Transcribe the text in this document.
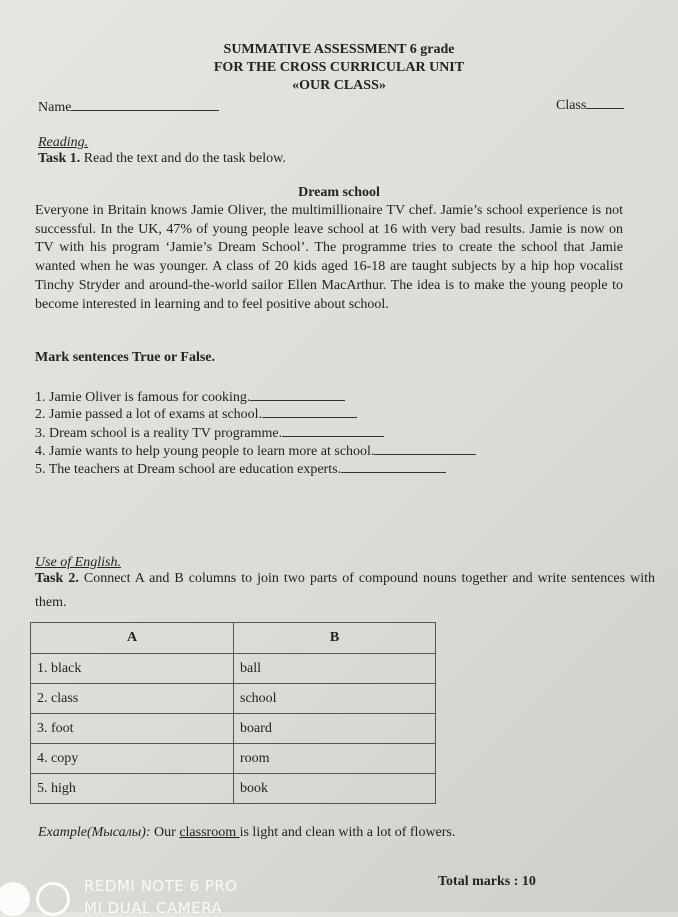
SUMMATIVE ASSESSMENT 6 grade
FOR THE CROSS CURRICULAR UNIT
«OUR CLASS»
Name	Class
Reading.
Task 1. Read the text and do the task below.
Dream school
Everyone in Britain knows Jamie Oliver, the multimillionaire TV chef. Jamie’s school experience is not successful. In the UK, 47% of young people leave school at 16 with very bad results. Jamie is now on TV with his program ‘Jamie’s Dream School’. The programme tries to create the school that Jamie wanted when he was younger. A class of 20 kids aged 16-18 are taught subjects by a hip hop vocalist Tinchy Stryder and around-the-world sailor Ellen MacArthur. The idea is to make the young people to become interested in learning and to feel positive about school.
Mark sentences True or False.
1. Jamie Oliver is famous for cooking.
2. Jamie passed a lot of exams at school.
3. Dream school is a reality TV programme.
4. Jamie wants to help young people to learn more at school.
5. The teachers at Dream school are education experts.
Use of English.
Task 2. Connect A and B columns to join two parts of compound nouns together and write sentences with them.
A	B
1. black	ball
2. class	school
3. foot	board
4. copy	room
5. high	book
Example(Мысалы): Our classroom is light and clean with a lot of flowers.
Total marks : 10
REDMI NOTE 6 PRO
MI DUAL CAMERA
